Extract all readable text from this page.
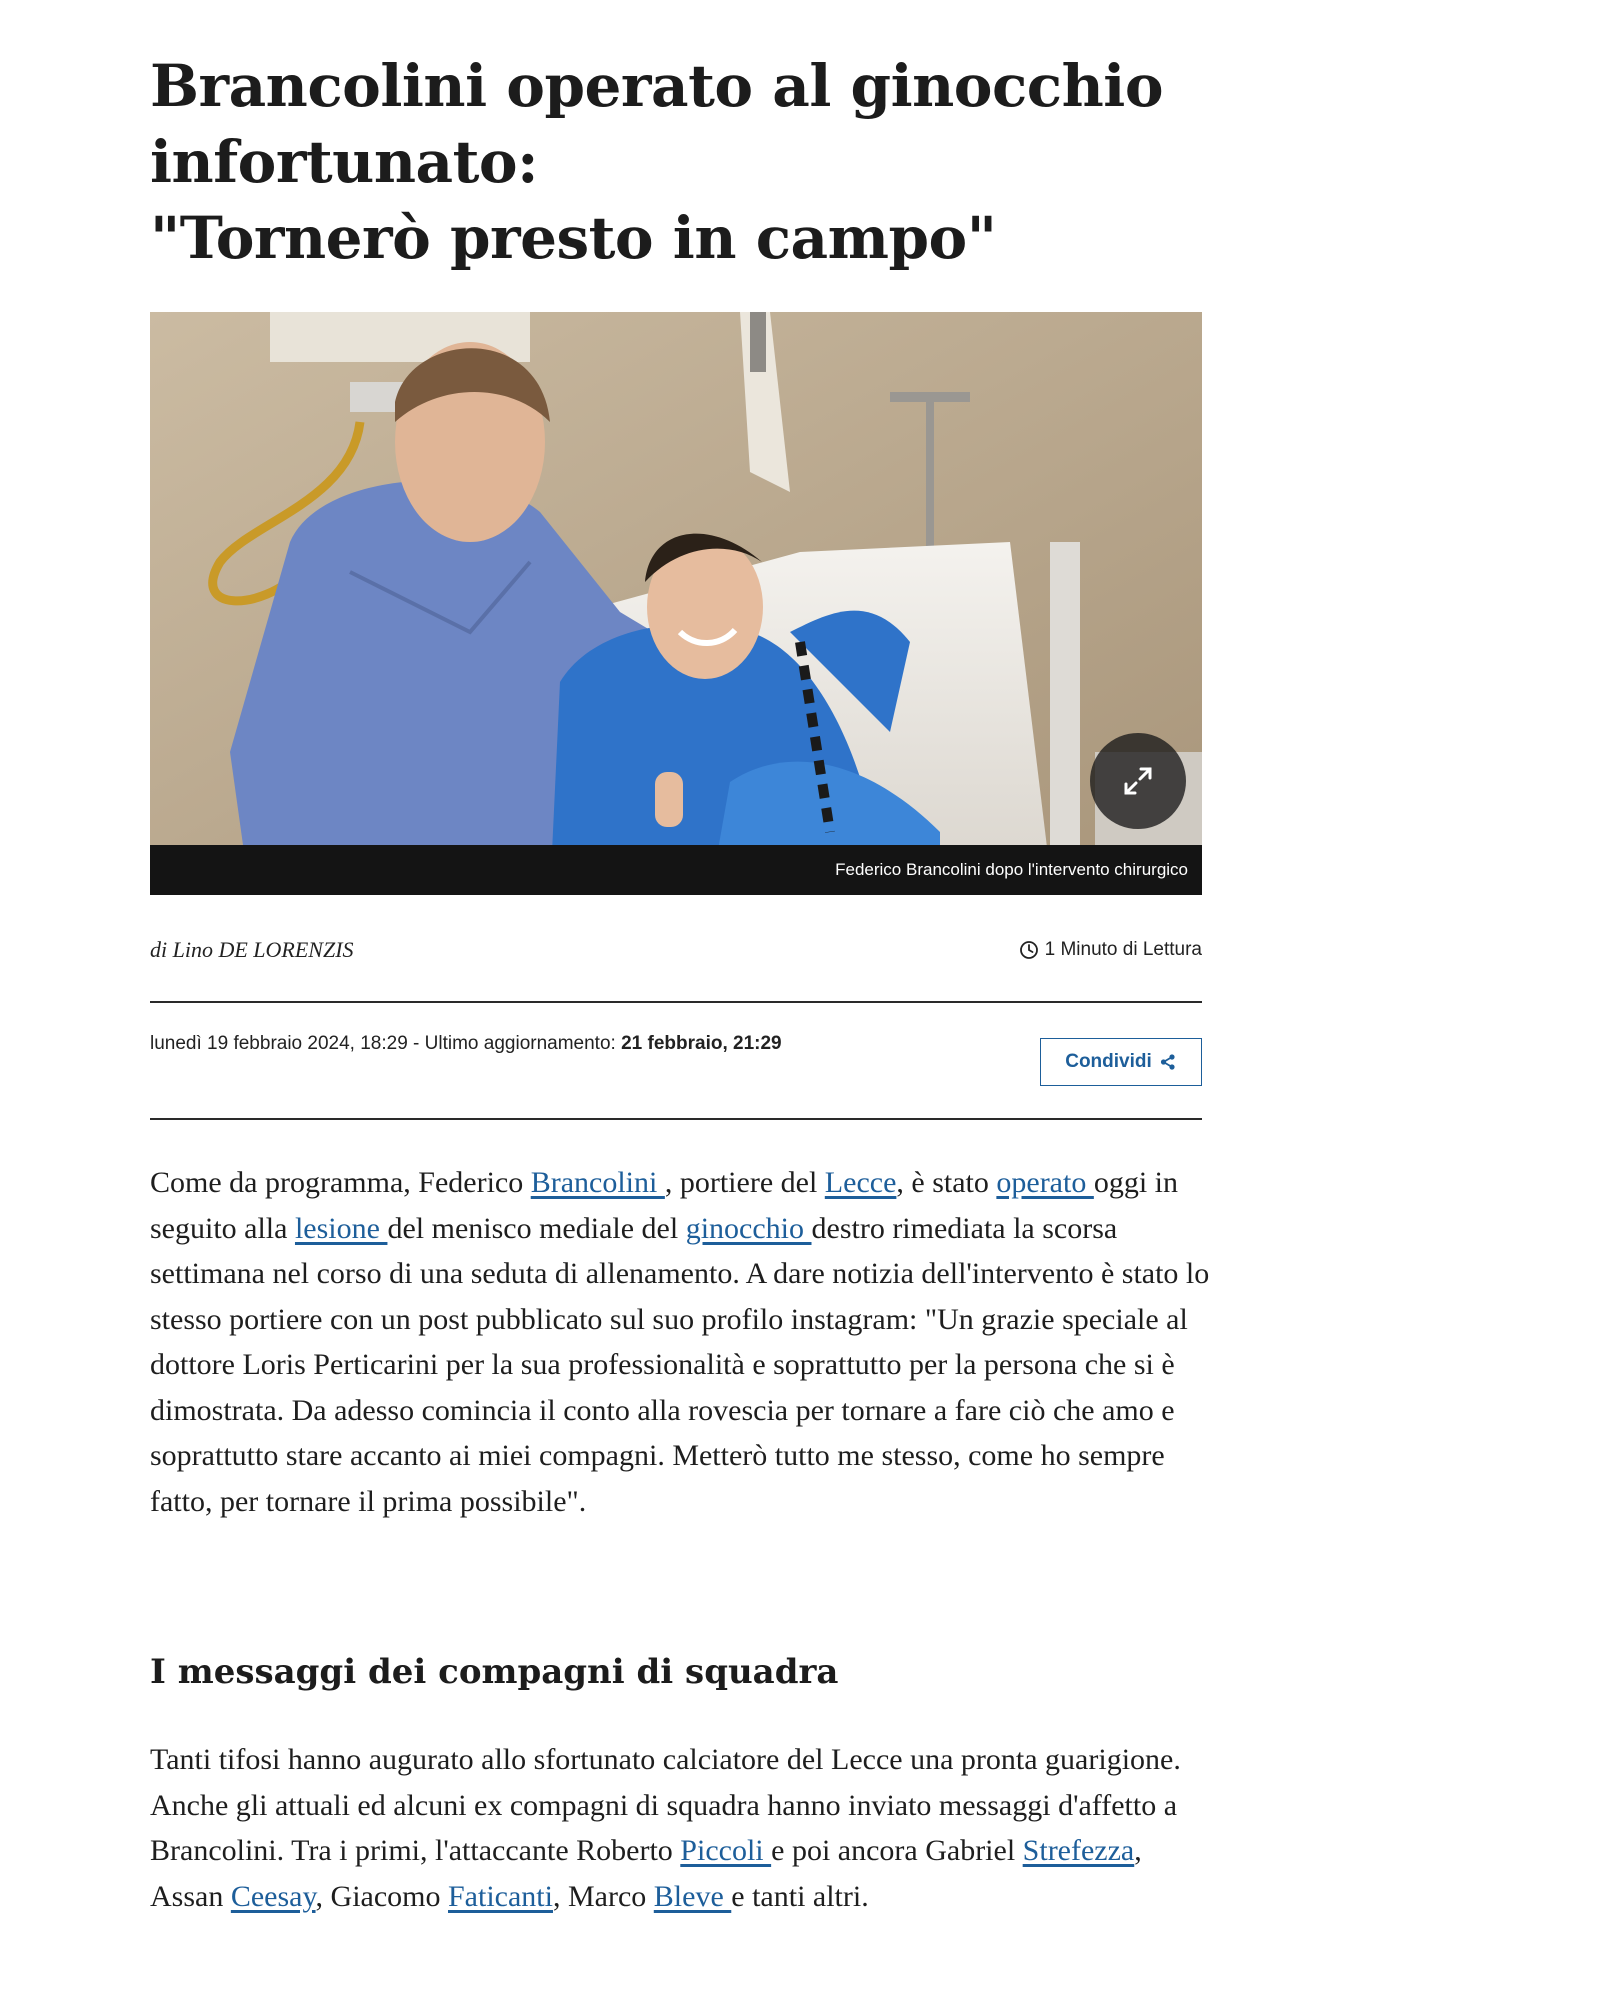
Brancolini operato al ginocchio infortunato:
"Tornerò presto in campo"
Federico Brancolini dopo l'intervento chirurgico
di Lino DE LORENZIS	1 Minuto di Lettura
lunedì 19 febbraio 2024, 18:29 - Ultimo aggiornamento: 21 febbraio, 21:29
Condividi

Come da programma, Federico Brancolini , portiere del Lecce, è stato operato oggi in seguito alla lesione del menisco mediale del ginocchio destro rimediata la scorsa settimana nel corso di una seduta di allenamento. A dare notizia dell'intervento è stato lo stesso portiere con un post pubblicato sul suo profilo instagram: "Un grazie speciale al dottore Loris Perticarini per la sua professionalità e soprattutto per la persona che si è dimostrata. Da adesso comincia il conto alla rovescia per tornare a fare ciò che amo e soprattutto stare accanto ai miei compagni. Metterò tutto me stesso, come ho sempre fatto, per tornare il prima possibile".

I messaggi dei compagni di squadra

Tanti tifosi hanno augurato allo sfortunato calciatore del Lecce una pronta guarigione. Anche gli attuali ed alcuni ex compagni di squadra hanno inviato messaggi d'affetto a Brancolini. Tra i primi, l'attaccante Roberto Piccoli e poi ancora Gabriel Strefezza, Assan Ceesay, Giacomo Faticanti, Marco Bleve e tanti altri.
